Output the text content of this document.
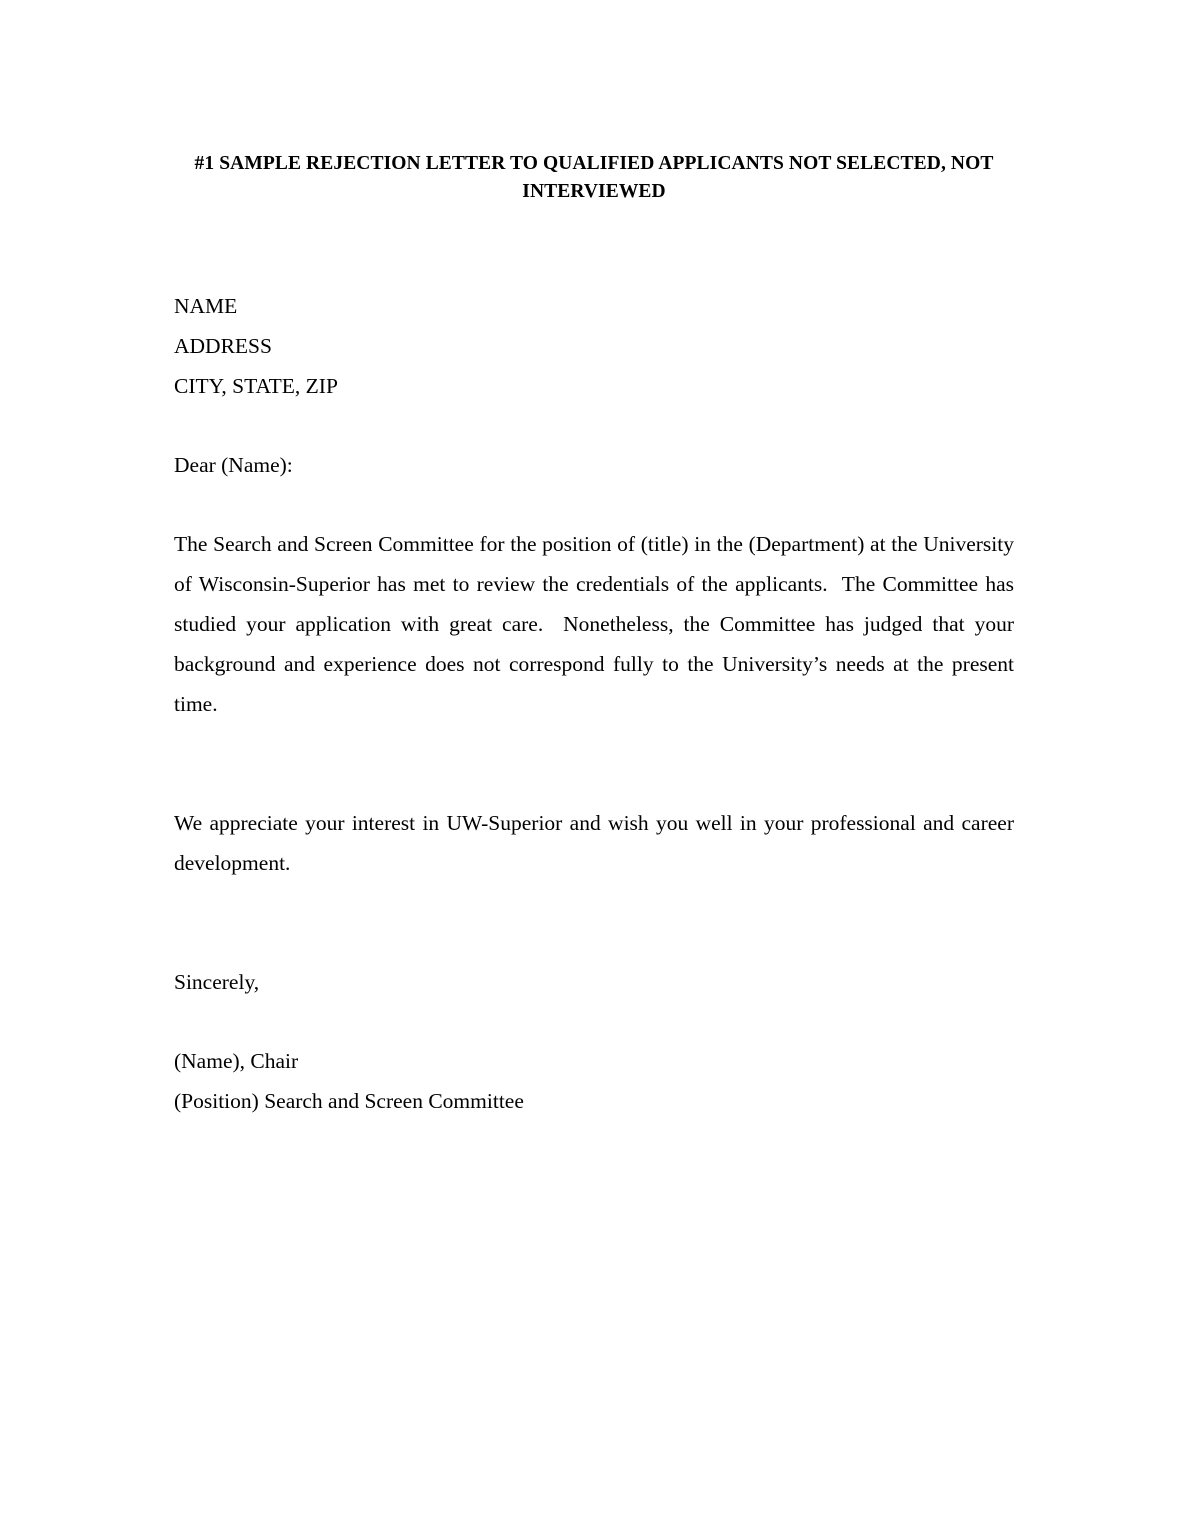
#1 SAMPLE REJECTION LETTER TO QUALIFIED APPLICANTS NOT SELECTED, NOT
INTERVIEWED
NAME
ADDRESS
CITY, STATE, ZIP
Dear (Name):

The Search and Screen Committee for the position of (title) in the (Department) at the University of Wisconsin-Superior has met to review the credentials of the applicants.  The Committee has studied your application with great care.  Nonetheless, the Committee has judged that your background and experience does not correspond fully to the University’s needs at the present time.

We appreciate your interest in UW-Superior and wish you well in your professional and career development.

Sincerely,
(Name), Chair
(Position) Search and Screen Committee
